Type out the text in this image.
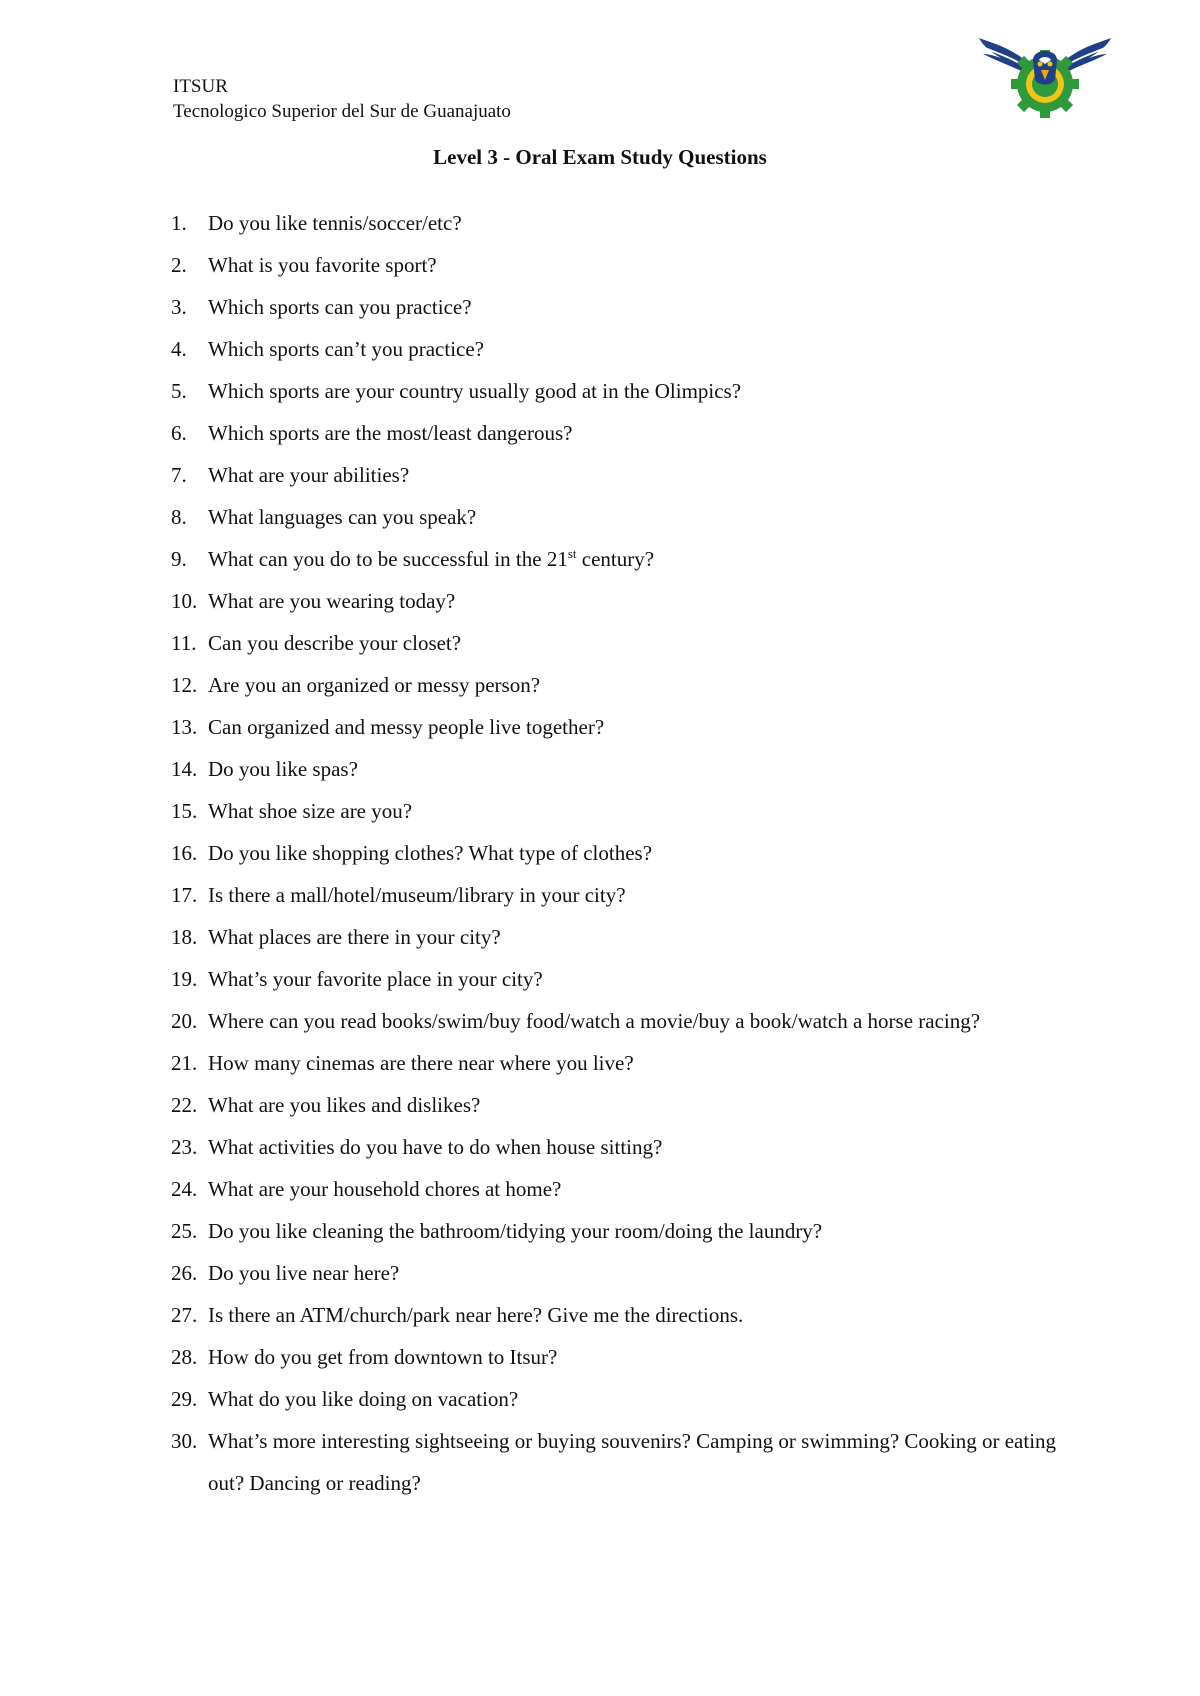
ITSUR
Tecnologico Superior del Sur de Guanajuato
Level 3 - Oral Exam Study Questions
1.	Do you like tennis/soccer/etc?
2.	What is you favorite sport?
3.	Which sports can you practice?
4.	Which sports can’t you practice?
5.	Which sports are your country usually good at in the Olimpics?
6.	Which sports are the most/least dangerous?
7.	What are your abilities?
8.	What languages can you speak?
9.	What can you do to be successful in the 21st century?
10. What are you wearing today?
11. Can you describe your closet?
12. Are you an organized or messy person?
13. Can organized and messy people live together?
14. Do you like spas?
15. What shoe size are you?
16. Do you like shopping clothes? What type of clothes?
17. Is there a mall/hotel/museum/library in your city?
18. What places are there in your city?
19. What’s your favorite place in your city?
20. Where can you read books/swim/buy food/watch a movie/buy a book/watch a horse racing?
21. How many cinemas are there near where you live?
22. What are you likes and dislikes?
23. What activities do you have to do when house sitting?
24. What are your household chores at home?
25. Do you like cleaning the bathroom/tidying your room/doing the laundry?
26. Do you live near here?
27. Is there an ATM/church/park near here? Give me the directions.
28. How do you get from downtown to Itsur?
29. What do you like doing on vacation?
30. What’s more interesting sightseeing or buying souvenirs? Camping or swimming? Cooking or eating out? Dancing or reading?
